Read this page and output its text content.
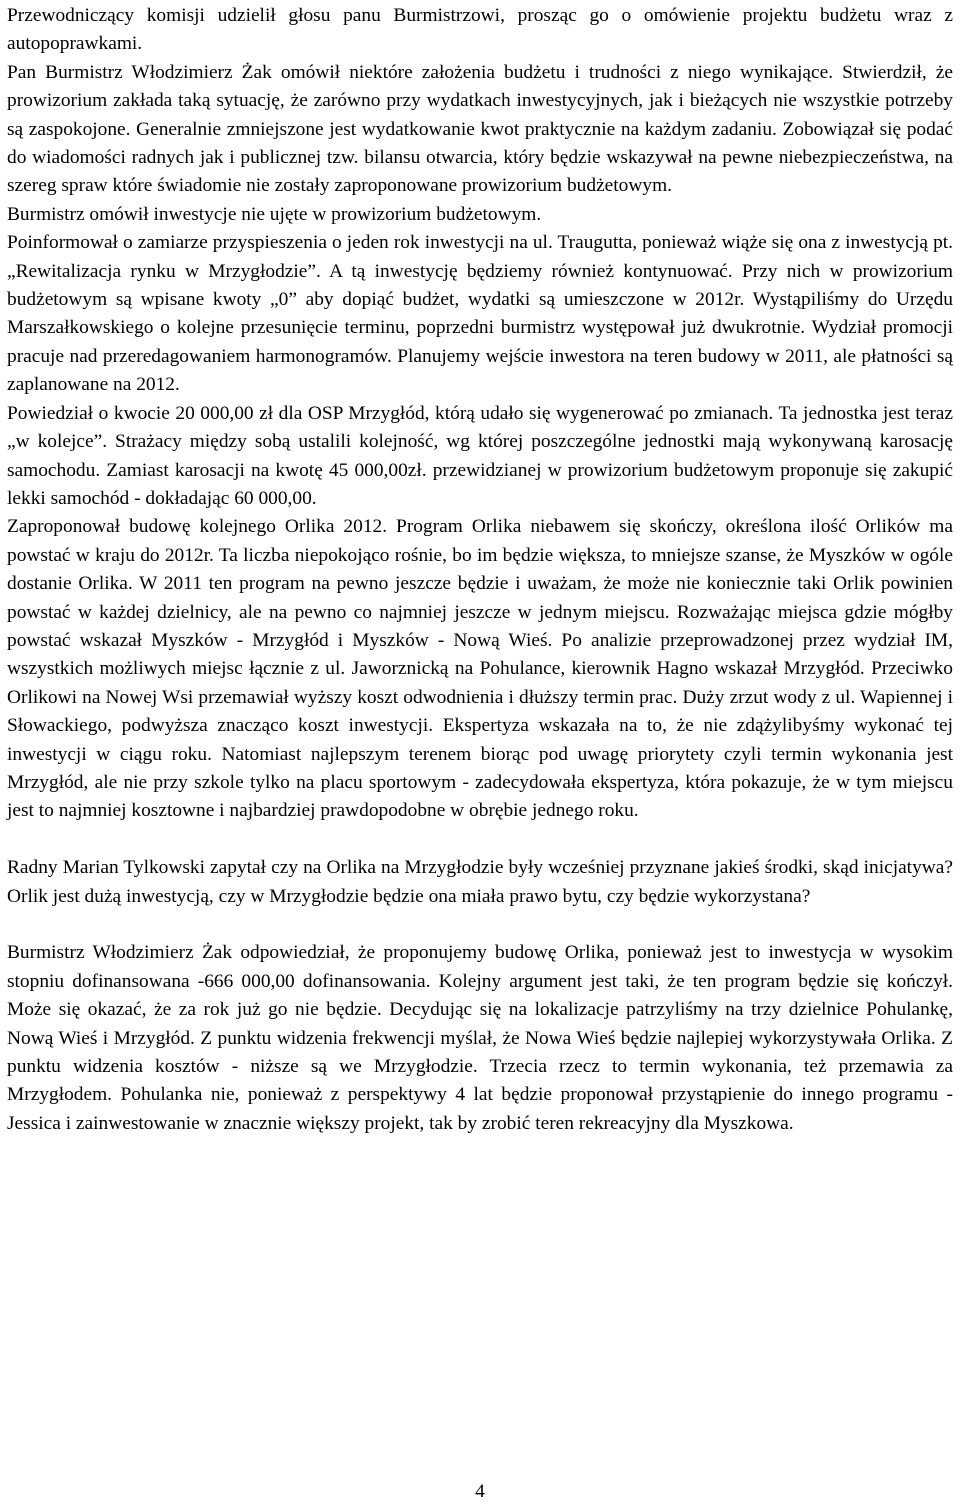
Przewodniczący komisji udzielił głosu panu Burmistrzowi, prosząc go o omówienie projektu budżetu wraz z autopoprawkami.

Pan Burmistrz Włodzimierz Żak omówił niektóre założenia budżetu i trudności z niego wynikające. Stwierdził, że prowizorium zakłada taką sytuację, że zarówno przy wydatkach inwestycyjnych, jak i bieżących nie wszystkie potrzeby są zaspokojone. Generalnie zmniejszone jest wydatkowanie kwot praktycznie na każdym zadaniu. Zobowiązał się podać do wiadomości radnych jak i publicznej tzw. bilansu otwarcia, który będzie wskazywał na pewne niebezpieczeństwa, na szereg spraw które świadomie nie zostały zaproponowane prowizorium budżetowym.

Burmistrz omówił inwestycje nie ujęte w prowizorium budżetowym.

Poinformował o zamiarze przyspieszenia o jeden rok inwestycji na ul. Traugutta, ponieważ wiąże się ona z inwestycją pt. „Rewitalizacja rynku w Mrzygłodzie”. A tą inwestycję będziemy również kontynuować. Przy nich w prowizorium budżetowym są wpisane kwoty „0” aby dopiąć budżet, wydatki są umieszczone w 2012r. Wystąpiliśmy do Urzędu Marszałkowskiego o kolejne przesunięcie terminu, poprzedni burmistrz występował już dwukrotnie. Wydział promocji pracuje nad przeredagowaniem harmonogramów. Planujemy wejście inwestora na teren budowy w 2011, ale płatności są zaplanowane na 2012.

Powiedział o kwocie 20 000,00 zł dla OSP Mrzygłód, którą udało się wygenerować po zmianach. Ta jednostka jest teraz „w kolejce”. Strażacy między sobą ustalili kolejność, wg której poszczególne jednostki mają wykonywaną karosację samochodu. Zamiast karosacji na kwotę 45 000,00zł. przewidzianej w prowizorium budżetowym proponuje się zakupić lekki samochód - dokładając 60 000,00.

Zaproponował budowę kolejnego Orlika 2012. Program Orlika niebawem się skończy, określona ilość Orlików ma powstać w kraju do 2012r. Ta liczba niepokojąco rośnie, bo im będzie większa, to mniejsze szanse, że Myszków w ogóle dostanie Orlika. W 2011 ten program na pewno jeszcze będzie i uważam, że może nie koniecznie taki Orlik powinien powstać w każdej dzielnicy, ale na pewno co najmniej jeszcze w jednym miejscu. Rozważając miejsca gdzie mógłby powstać wskazał Myszków - Mrzygłód i Myszków - Nową Wieś. Po analizie przeprowadzonej przez wydział IM, wszystkich możliwych miejsc łącznie z ul. Jaworznicką na Pohulance, kierownik Hagno wskazał Mrzygłód. Przeciwko Orlikowi na Nowej Wsi przemawiał wyższy koszt odwodnienia i dłuższy termin prac. Duży zrzut wody z ul. Wapiennej i Słowackiego, podwyższa znacząco koszt inwestycji. Ekspertyza wskazała na to, że nie zdążylibyśmy wykonać tej inwestycji w ciągu roku. Natomiast najlepszym terenem biorąc pod uwagę priorytety czyli termin wykonania jest Mrzygłód, ale nie przy szkole tylko na placu sportowym - zadecydowała ekspertyza, która pokazuje, że w tym miejscu jest to najmniej kosztowne i najbardziej prawdopodobne w obrębie jednego roku.

Radny Marian Tylkowski zapytał czy na Orlika na Mrzygłodzie były wcześniej przyznane jakieś środki, skąd inicjatywa? Orlik jest dużą inwestycją, czy w Mrzygłodzie będzie ona miała prawo bytu, czy będzie wykorzystana?

Burmistrz Włodzimierz Żak odpowiedział, że proponujemy budowę Orlika, ponieważ jest to inwestycja w wysokim stopniu dofinansowana -666 000,00 dofinansowania. Kolejny argument jest taki, że ten program będzie się kończył. Może się okazać, że za rok już go nie będzie. Decydując się na lokalizacje patrzyliśmy na trzy dzielnice Pohulankę, Nową Wieś i Mrzygłód. Z punktu widzenia frekwencji myślał, że Nowa Wieś będzie najlepiej wykorzystywała Orlika. Z punktu widzenia kosztów - niższe są we Mrzygłodzie. Trzecia rzecz to termin wykonania, też przemawia za Mrzygłodem. Pohulanka nie, ponieważ z perspektywy 4 lat będzie proponował przystąpienie do innego programu - Jessica i zainwestowanie w znacznie większy projekt, tak by zrobić teren rekreacyjny dla Myszkowa.

4
